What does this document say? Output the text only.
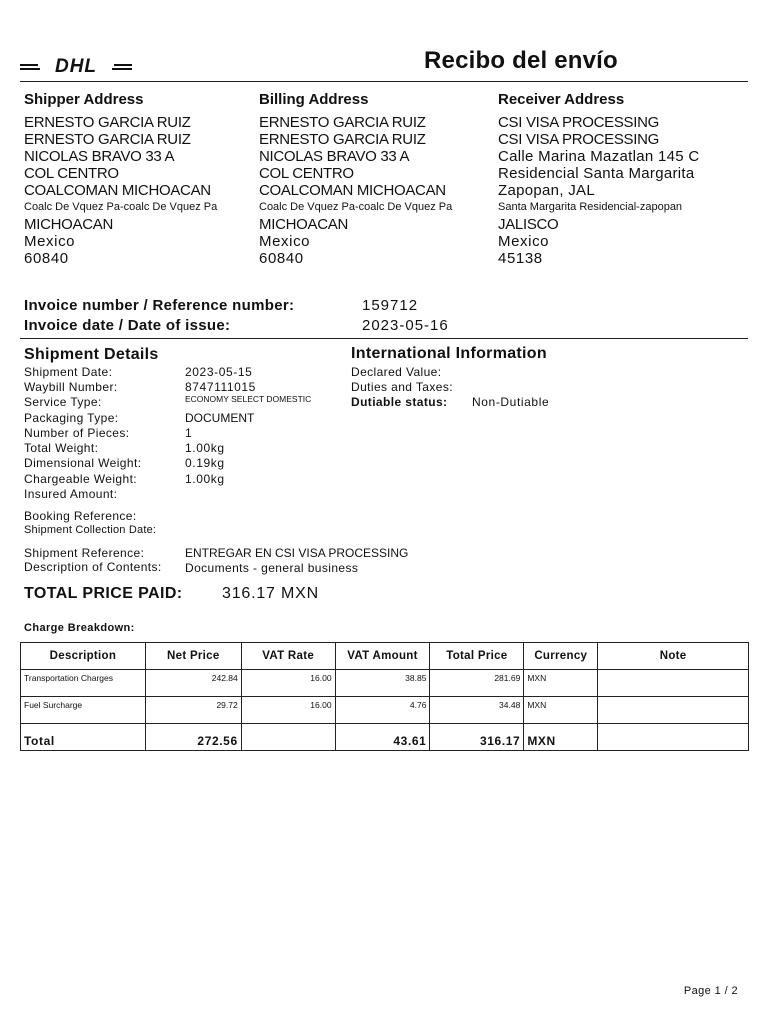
DHL	Recibo del envío
Shipper Address
ERNESTO GARCIA RUIZ
ERNESTO GARCIA RUIZ
NICOLAS BRAVO 33 A
COL CENTRO
COALCOMAN MICHOACAN
Coalc De Vquez Pa-coalc De Vquez Pa
MICHOACAN
Mexico
60840
Billing Address
ERNESTO GARCIA RUIZ
ERNESTO GARCIA RUIZ
NICOLAS BRAVO 33 A
COL CENTRO
COALCOMAN MICHOACAN
Coalc De Vquez Pa-coalc De Vquez Pa
MICHOACAN
Mexico
60840
Receiver Address
CSI VISA PROCESSING
CSI VISA PROCESSING
Calle Marina Mazatlan 145 C
Residencial Santa Margarita
Zapopan, JAL
Santa Margarita Residencial-zapopan
JALISCO
Mexico
45138
Invoice number / Reference number:	159712
Invoice date / Date of issue:	2023-05-16
Shipment Details
Shipment Date:	2023-05-15
Waybill Number:	8747111015
Service Type:	ECONOMY SELECT DOMESTIC
Packaging Type:	DOCUMENT
Number of Pieces:	1
Total Weight:	1.00kg
Dimensional Weight:	0.19kg
Chargeable Weight:	1.00kg
Insured Amount:
Booking Reference:
Shipment Collection Date:
Shipment Reference:	ENTREGAR EN CSI VISA PROCESSING
Description of Contents: Documents - general business
International Information
Declared Value:
Duties and Taxes:
Dutiable status: Non-Dutiable
TOTAL PRICE PAID: 316.17 MXN
Charge Breakdown:
Description	Net Price	VAT Rate	VAT Amount	Total Price	Currency	Note
Transportation Charges	242.84	16.00	38.85	281.69	MXN	
Fuel Surcharge	29.72	16.00	4.76	34.48	MXN	
Total	272.56		43.61	316.17	MXN	
Page 1 / 2
